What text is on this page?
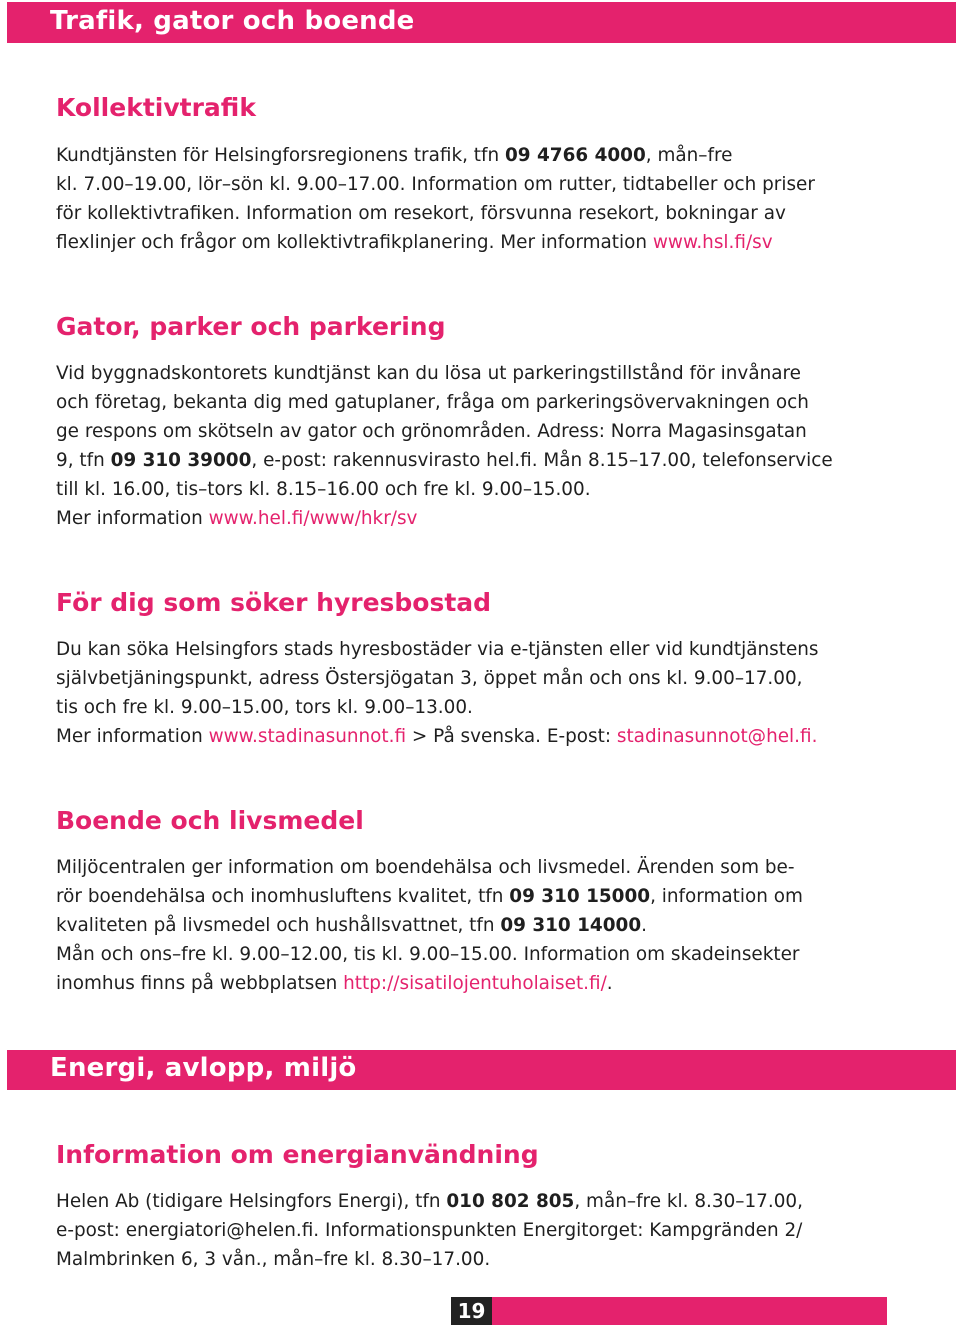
Trafik, gator och boende
Kollektivtrafik
Kundtjänsten för Helsingforsregionens trafik, tfn 09 4766 4000, mån–fre
kl. 7.00–19.00, lör–sön kl. 9.00–17.00. Information om rutter, tidtabeller och priser
för kollektivtrafiken. Information om resekort, försvunna resekort, bokningar av
flexlinjer och frågor om kollektivtrafikplanering. Mer information www.hsl.fi/sv
Gator, parker och parkering
Vid byggnadskontorets kundtjänst kan du lösa ut parkeringstillstånd för invånare
och företag, bekanta dig med gatuplaner, fråga om parkeringsövervakningen och
ge respons om skötseln av gator och grönområden. Adress: Norra Magasinsgatan
9, tfn 09 310 39000, e-post: rakennusvirasto hel.fi. Mån 8.15–17.00, telefonservice
till kl. 16.00, tis–tors kl. 8.15–16.00 och fre kl. 9.00–15.00.
Mer information www.hel.fi/www/hkr/sv
För dig som söker hyresbostad
Du kan söka Helsingfors stads hyresbostäder via e-tjänsten eller vid kundtjänstens
självbetjäningspunkt, adress Östersjögatan 3, öppet mån och ons kl. 9.00–17.00,
tis och fre kl. 9.00–15.00, tors kl. 9.00–13.00.
Mer information www.stadinasunnot.fi > På svenska. E-post: stadinasunnot@hel.fi.
Boende och livsmedel
Miljöcentralen ger information om boendehälsa och livsmedel. Ärenden som be-
rör boendehälsa och inomhusluftens kvalitet, tfn 09 310 15000, information om
kvaliteten på livsmedel och hushållsvattnet, tfn 09 310 14000.
Mån och ons–fre kl. 9.00–12.00, tis kl. 9.00–15.00. Information om skadeinsekter
inomhus finns på webbplatsen http://sisatilojentuholaiset.fi/.
Energi, avlopp, miljö
Information om energianvändning
Helen Ab (tidigare Helsingfors Energi), tfn 010 802 805, mån–fre kl. 8.30–17.00,
e-post: energiatori@helen.fi. Informationspunkten Energitorget: Kampgränden 2/
Malmbrinken 6, 3 vån., mån–fre kl. 8.30–17.00.
19
